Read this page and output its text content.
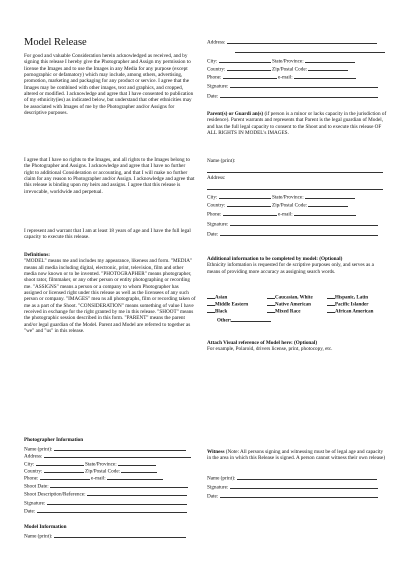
Model Release

For good and valuable Consideration herein acknowledged as received, and by signing this release I hereby give the Photographer and Assign my permission to license the Images and to use the Images in any Media for any purpose (except pornographic or defamatory) which may include, among others, advertising, promotion, marketing and packaging for any product or service. I agree that the Images may be combined with other images, text and graphics, and cropped, altered or modified. I acknowledge and agree that I have consented to publication of my ethnicity(ies) as indicated below, but understand that other ethnicities may be associated with Images of me by the Photographer and/or Assigns for descriptive purposes.

I agree that I have no rights to the Images, and all rights to the Images belong to the Photographer and Assigns. I acknowledge and agree that I have no further right to additional Consideration or accounting, and that I will make no further claim for any reason to Photographer and/or Assign. I acknowledge and agree that this release is binding upon my heirs and assigns. I agree that this release is irrevocable, worldwide and perpetual.

I represent and warrant that I am at least 18 years of age and I have the full legal capacity to execute this release.

Definitions:

"MODEL" means me and includes my appearance, likeness and form. "MEDIA" means all media including digital, electronic, print, television, film and other media now known or to be invented. "PHOTOGRAPHER" means photographer, shoot rator, filmmaker, or any other person or entity photographing or recording me. "ASSIGNS" means a person or a company to whom Photographer has assigned or licensed right under this release as well as the licensees of any such person or company. "IMAGES" mea ns all photographs, film or recording taken of me as a part of the Shoot. "CONSIDERATION" means something of value I have received in exchange for the right granted by me in this release. "SHOOT" means the photographic session described in this form. "PARENT" means the parent and/or legal guardian of the Model. Parent and Model are referred to together as "we" and "us" in this release.

Photographer Information

Name (print):
Address:
City:	State/Province:
Country:	Zip/Postal Code:
Phone:	e-mail:
Shoot Date:
Shoot Description/Reference:
Signature:
Date:

Model Information

Name (print):
Address:
City:	State/Province:
Country:	Zip/Postal Code:
Phone:	e-mail:
Signature:
Date:

Parent(s) or Guardi an(s) (if person is a minor or lacks capacity in the jurisdiction of residence). Parent warrants and represents that Parent is the legal guardian of Model, and has the full legal capacity to consent to the Shoot and to execute this release OF ALL RIGHTS IN MODEL's IMAGES.

Name (print):
Address:
City:	State/Province:
Country:	Zip/Postal Code:
Phone:	e-mail:
Signature:
Date:

Additional information to be completed by model: (Optional)

Ethnicity information is requested for de scriptive purposes only, and serves as a means of providing more accuracy as assigning search words.

Asian	Caucasian, White	Hispanic, Latin
Middle Eastern	Native American	Pacific Islander
Black	Mixed Race	African American
Other:

Attach Visual reference of Model here: (Optional)

For example, Polaroid, drivers license, print, photocopy, etc.

Witness (Note: All persons signing and witnessing must be of legal age and capacity in the area in which this Release is signed. A person cannot witness their own release)

Name (print):
Signature:
Date:
